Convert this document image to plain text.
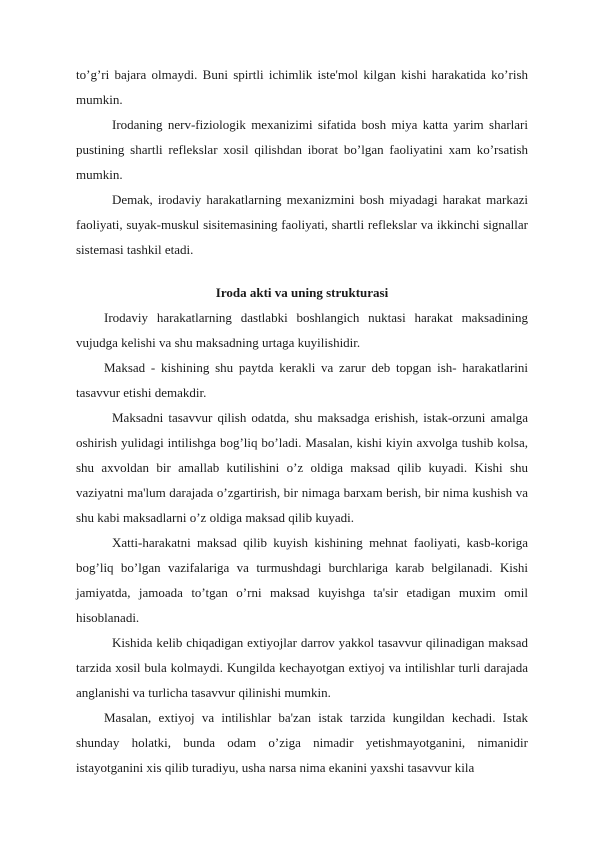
to’g’ri bajara olmaydi. Buni spirtli ichimlik iste'mol kilgan kishi harakatida ko’rish mumkin.

Irodaning nerv-fiziologik mexanizimi sifatida bosh miya katta yarim sharlari pustining shartli reflekslar xosil qilishdan iborat bo’lgan faoliyatini xam ko’rsatish mumkin.

Demak, irodaviy harakatlarning mexanizmini bosh miyadagi harakat markazi faoliyati, suyak-muskul sisitemasining faoliyati, shartli reflekslar va ikkinchi signallar sistemasi tashkil etadi.

Iroda akti va uning strukturasi

Irodaviy harakatlarning dastlabki boshlangich nuktasi harakat maksadining vujudga kelishi va shu maksadning urtaga kuyilishidir.

Maksad - kishining shu paytda kerakli va zarur deb topgan ish- harakatlarini tasavvur etishi demakdir.

Maksadni tasavvur qilish odatda, shu maksadga erishish, istak-orzuni amalga oshirish yulidagi intilishga bog’liq bo’ladi. Masalan, kishi kiyin axvolga tushib kolsa, shu axvoldan bir amallab kutilishini o’z oldiga maksad qilib kuyadi. Kishi shu vaziyatni ma'lum darajada o’zgartirish, bir nimaga barxam berish, bir nima kushish va shu kabi maksadlarni o’z oldiga maksad qilib kuyadi.

Xatti-harakatni maksad qilib kuyish kishining mehnat faoliyati, kasb-koriga bog’liq bo’lgan vazifalariga va turmushdagi burchlariga karab belgilanadi. Kishi jamiyatda, jamoada to’tgan o’rni maksad kuyishga ta'sir etadigan muxim omil hisoblanadi.

Kishida kelib chiqadigan extiyojlar darrov yakkol tasavvur qilinadigan maksad tarzida xosil bula kolmaydi. Kungilda kechayotgan extiyoj va intilishlar turli darajada anglanishi va turlicha tasavvur qilinishi mumkin.

Masalan, extiyoj va intilishlar ba'zan istak tarzida kungildan kechadi. Istak shunday holatki, bunda odam o’ziga nimadir yetishmayotganini, nimanidir istayotganini xis qilib turadiyu, usha narsa nima ekanini yaxshi tasavvur kila
